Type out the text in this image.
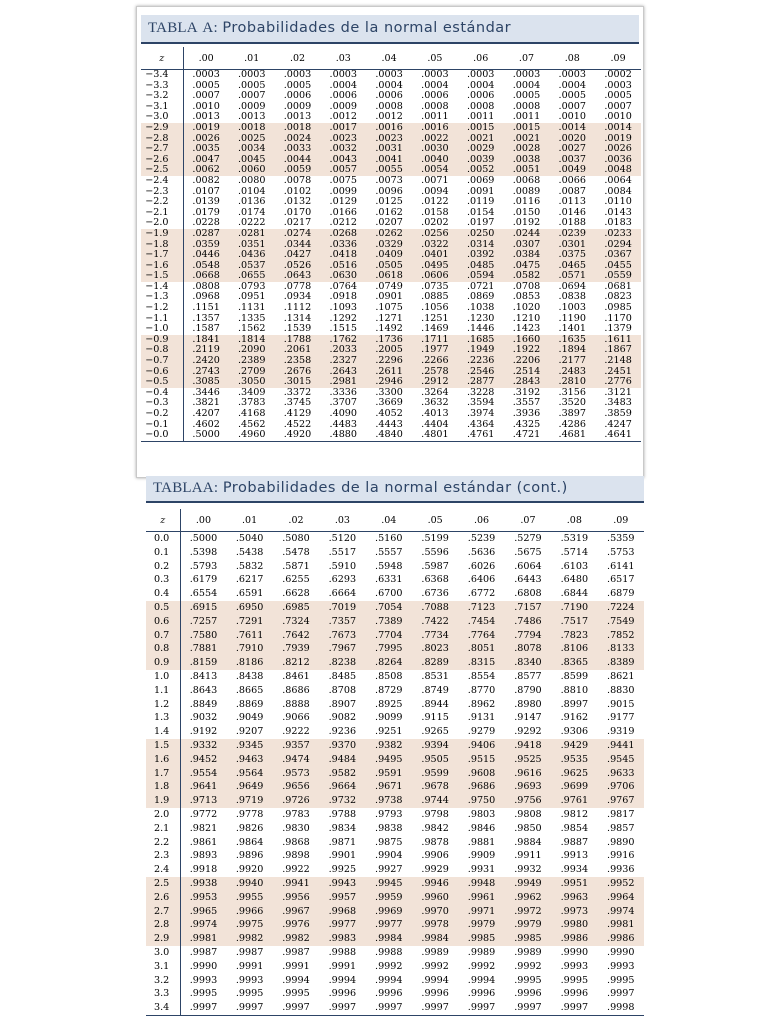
TABLA A: Probabilidades de la normal estándar
z	.00	.01	.02	.03	.04	.05	.06	.07	.08	.09
−3.4	.0003	.0003	.0003	.0003	.0003	.0003	.0003	.0003	.0003	.0002
−3.3	.0005	.0005	.0005	.0004	.0004	.0004	.0004	.0004	.0004	.0003
−3.2	.0007	.0007	.0006	.0006	.0006	.0006	.0006	.0005	.0005	.0005
−3.1	.0010	.0009	.0009	.0009	.0008	.0008	.0008	.0008	.0007	.0007
−3.0	.0013	.0013	.0013	.0012	.0012	.0011	.0011	.0011	.0010	.0010
−2.9	.0019	.0018	.0018	.0017	.0016	.0016	.0015	.0015	.0014	.0014
−2.8	.0026	.0025	.0024	.0023	.0023	.0022	.0021	.0021	.0020	.0019
−2.7	.0035	.0034	.0033	.0032	.0031	.0030	.0029	.0028	.0027	.0026
−2.6	.0047	.0045	.0044	.0043	.0041	.0040	.0039	.0038	.0037	.0036
−2.5	.0062	.0060	.0059	.0057	.0055	.0054	.0052	.0051	.0049	.0048
−2.4	.0082	.0080	.0078	.0075	.0073	.0071	.0069	.0068	.0066	.0064
−2.3	.0107	.0104	.0102	.0099	.0096	.0094	.0091	.0089	.0087	.0084
−2.2	.0139	.0136	.0132	.0129	.0125	.0122	.0119	.0116	.0113	.0110
−2.1	.0179	.0174	.0170	.0166	.0162	.0158	.0154	.0150	.0146	.0143
−2.0	.0228	.0222	.0217	.0212	.0207	.0202	.0197	.0192	.0188	.0183
−1.9	.0287	.0281	.0274	.0268	.0262	.0256	.0250	.0244	.0239	.0233
−1.8	.0359	.0351	.0344	.0336	.0329	.0322	.0314	.0307	.0301	.0294
−1.7	.0446	.0436	.0427	.0418	.0409	.0401	.0392	.0384	.0375	.0367
−1.6	.0548	.0537	.0526	.0516	.0505	.0495	.0485	.0475	.0465	.0455
−1.5	.0668	.0655	.0643	.0630	.0618	.0606	.0594	.0582	.0571	.0559
−1.4	.0808	.0793	.0778	.0764	.0749	.0735	.0721	.0708	.0694	.0681
−1.3	.0968	.0951	.0934	.0918	.0901	.0885	.0869	.0853	.0838	.0823
−1.2	.1151	.1131	.1112	.1093	.1075	.1056	.1038	.1020	.1003	.0985
−1.1	.1357	.1335	.1314	.1292	.1271	.1251	.1230	.1210	.1190	.1170
−1.0	.1587	.1562	.1539	.1515	.1492	.1469	.1446	.1423	.1401	.1379
−0.9	.1841	.1814	.1788	.1762	.1736	.1711	.1685	.1660	.1635	.1611
−0.8	.2119	.2090	.2061	.2033	.2005	.1977	.1949	.1922	.1894	.1867
−0.7	.2420	.2389	.2358	.2327	.2296	.2266	.2236	.2206	.2177	.2148
−0.6	.2743	.2709	.2676	.2643	.2611	.2578	.2546	.2514	.2483	.2451
−0.5	.3085	.3050	.3015	.2981	.2946	.2912	.2877	.2843	.2810	.2776
−0.4	.3446	.3409	.3372	.3336	.3300	.3264	.3228	.3192	.3156	.3121
−0.3	.3821	.3783	.3745	.3707	.3669	.3632	.3594	.3557	.3520	.3483
−0.2	.4207	.4168	.4129	.4090	.4052	.4013	.3974	.3936	.3897	.3859
−0.1	.4602	.4562	.4522	.4483	.4443	.4404	.4364	.4325	.4286	.4247
−0.0	.5000	.4960	.4920	.4880	.4840	.4801	.4761	.4721	.4681	.4641
TABLAA: Probabilidades de la normal estándar (cont.)
z	.00	.01	.02	.03	.04	.05	.06	.07	.08	.09
0.0	.5000	.5040	.5080	.5120	.5160	.5199	.5239	.5279	.5319	.5359
0.1	.5398	.5438	.5478	.5517	.5557	.5596	.5636	.5675	.5714	.5753
0.2	.5793	.5832	.5871	.5910	.5948	.5987	.6026	.6064	.6103	.6141
0.3	.6179	.6217	.6255	.6293	.6331	.6368	.6406	.6443	.6480	.6517
0.4	.6554	.6591	.6628	.6664	.6700	.6736	.6772	.6808	.6844	.6879
0.5	.6915	.6950	.6985	.7019	.7054	.7088	.7123	.7157	.7190	.7224
0.6	.7257	.7291	.7324	.7357	.7389	.7422	.7454	.7486	.7517	.7549
0.7	.7580	.7611	.7642	.7673	.7704	.7734	.7764	.7794	.7823	.7852
0.8	.7881	.7910	.7939	.7967	.7995	.8023	.8051	.8078	.8106	.8133
0.9	.8159	.8186	.8212	.8238	.8264	.8289	.8315	.8340	.8365	.8389
1.0	.8413	.8438	.8461	.8485	.8508	.8531	.8554	.8577	.8599	.8621
1.1	.8643	.8665	.8686	.8708	.8729	.8749	.8770	.8790	.8810	.8830
1.2	.8849	.8869	.8888	.8907	.8925	.8944	.8962	.8980	.8997	.9015
1.3	.9032	.9049	.9066	.9082	.9099	.9115	.9131	.9147	.9162	.9177
1.4	.9192	.9207	.9222	.9236	.9251	.9265	.9279	.9292	.9306	.9319
1.5	.9332	.9345	.9357	.9370	.9382	.9394	.9406	.9418	.9429	.9441
1.6	.9452	.9463	.9474	.9484	.9495	.9505	.9515	.9525	.9535	.9545
1.7	.9554	.9564	.9573	.9582	.9591	.9599	.9608	.9616	.9625	.9633
1.8	.9641	.9649	.9656	.9664	.9671	.9678	.9686	.9693	.9699	.9706
1.9	.9713	.9719	.9726	.9732	.9738	.9744	.9750	.9756	.9761	.9767
2.0	.9772	.9778	.9783	.9788	.9793	.9798	.9803	.9808	.9812	.9817
2.1	.9821	.9826	.9830	.9834	.9838	.9842	.9846	.9850	.9854	.9857
2.2	.9861	.9864	.9868	.9871	.9875	.9878	.9881	.9884	.9887	.9890
2.3	.9893	.9896	.9898	.9901	.9904	.9906	.9909	.9911	.9913	.9916
2.4	.9918	.9920	.9922	.9925	.9927	.9929	.9931	.9932	.9934	.9936
2.5	.9938	.9940	.9941	.9943	.9945	.9946	.9948	.9949	.9951	.9952
2.6	.9953	.9955	.9956	.9957	.9959	.9960	.9961	.9962	.9963	.9964
2.7	.9965	.9966	.9967	.9968	.9969	.9970	.9971	.9972	.9973	.9974
2.8	.9974	.9975	.9976	.9977	.9977	.9978	.9979	.9979	.9980	.9981
2.9	.9981	.9982	.9982	.9983	.9984	.9984	.9985	.9985	.9986	.9986
3.0	.9987	.9987	.9987	.9988	.9988	.9989	.9989	.9989	.9990	.9990
3.1	.9990	.9991	.9991	.9991	.9992	.9992	.9992	.9992	.9993	.9993
3.2	.9993	.9993	.9994	.9994	.9994	.9994	.9994	.9995	.9995	.9995
3.3	.9995	.9995	.9995	.9996	.9996	.9996	.9996	.9996	.9996	.9997
3.4	.9997	.9997	.9997	.9997	.9997	.9997	.9997	.9997	.9997	.9998
